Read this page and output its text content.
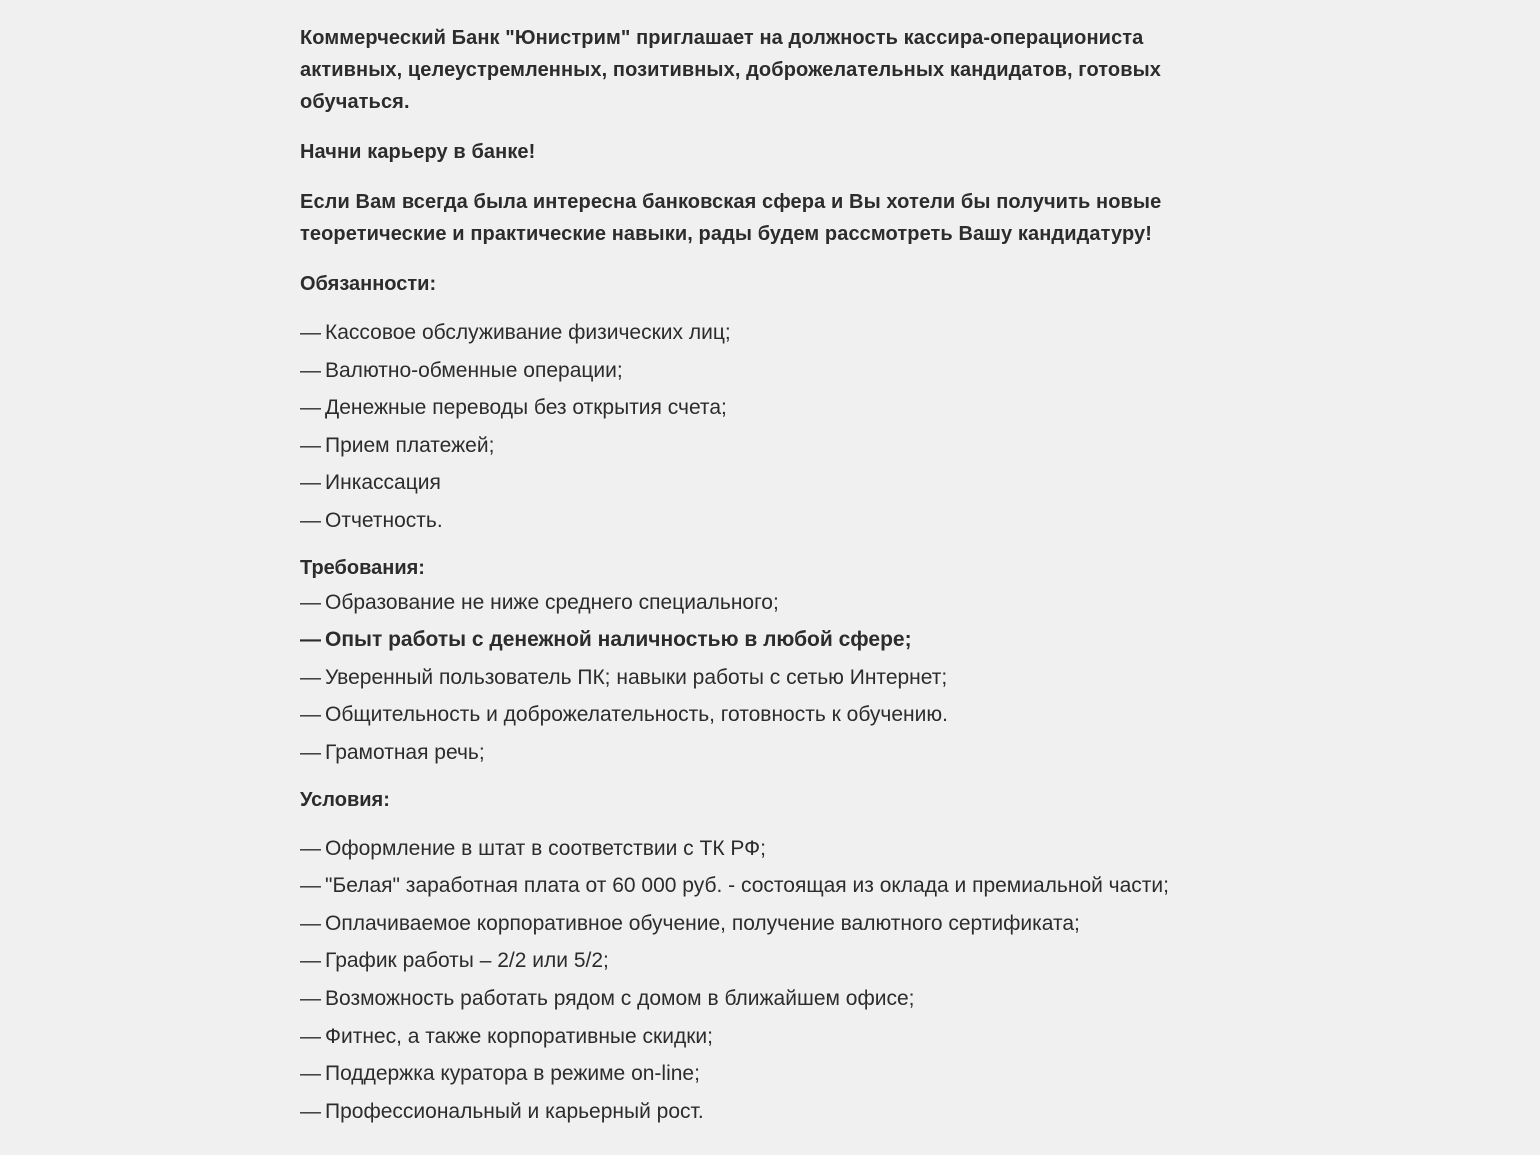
Коммерческий Банк "Юнистрим" приглашает на должность кассира-операциониста активных, целеустремленных, позитивных, доброжелательных кандидатов, готовых обучаться.

Начни карьеру в банке!

Если Вам всегда была интересна банковская сфера и Вы хотели бы получить новые теоретические и практические навыки, рады будем рассмотреть Вашу кандидатуру!

Обязанности:
— Кассовое обслуживание физических лиц;
— Валютно-обменные операции;
— Денежные переводы без открытия счета;
— Прием платежей;
— Инкассация
— Отчетность.
Требования:
— Образование не ниже среднего специального;
— Опыт работы с денежной наличностью в любой сфере;
— Уверенный пользователь ПК; навыки работы с сетью Интернет;
— Общительность и доброжелательность, готовность к обучению.
— Грамотная речь;
Условия:
— Оформление в штат в соответствии с ТК РФ;
— "Белая" заработная плата от 60 000 руб. - состоящая из оклада и премиальной части;
— Оплачиваемое корпоративное обучение, получение валютного сертификата;
— График работы – 2/2 или 5/2;
— Возможность работать рядом с домом в ближайшем офисе;
— Фитнес, а также корпоративные скидки;
— Поддержка куратора в режиме on-line;
— Профессиональный и карьерный рост.
